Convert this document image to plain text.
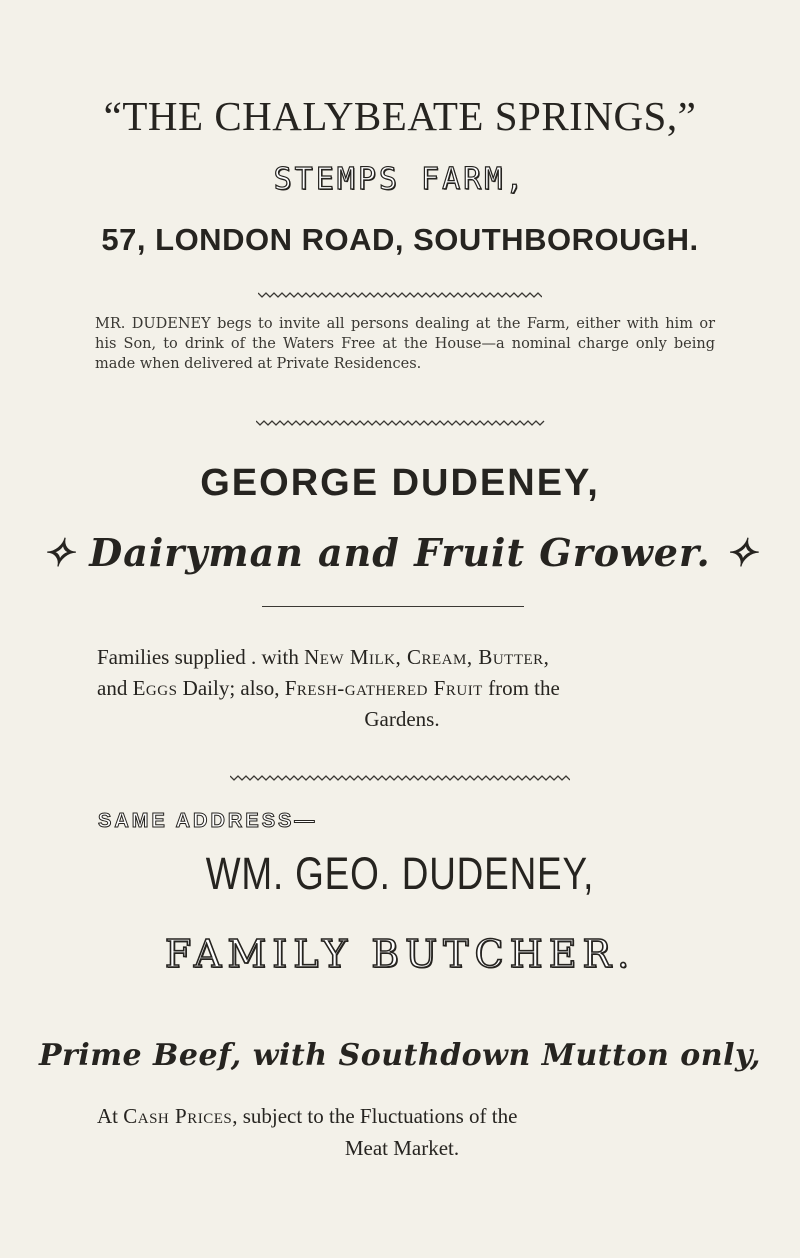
“THE CHALYBEATE SPRINGS,”
STEMPS FARM,
57, LONDON ROAD, SOUTHBOROUGH.
MR. DUDENEY begs to invite all persons dealing at the Farm, either with him or his Son, to drink of the Waters Free at the House—a nominal charge only being made when delivered at Private Residences.
GEORGE DUDENEY,
✧ Dairyman and Fruit Grower. ✧
Families supplied . with New Milk, Cream, Butter,
and Eggs Daily; also, Fresh-gathered Fruit from the
Gardens.
SAME ADDRESS—
WM. GEO. DUDENEY,
FAMILY BUTCHER.
Prime Beef, with Southdown Mutton only,
At Cash Prices, subject to the Fluctuations of the
Meat Market.
